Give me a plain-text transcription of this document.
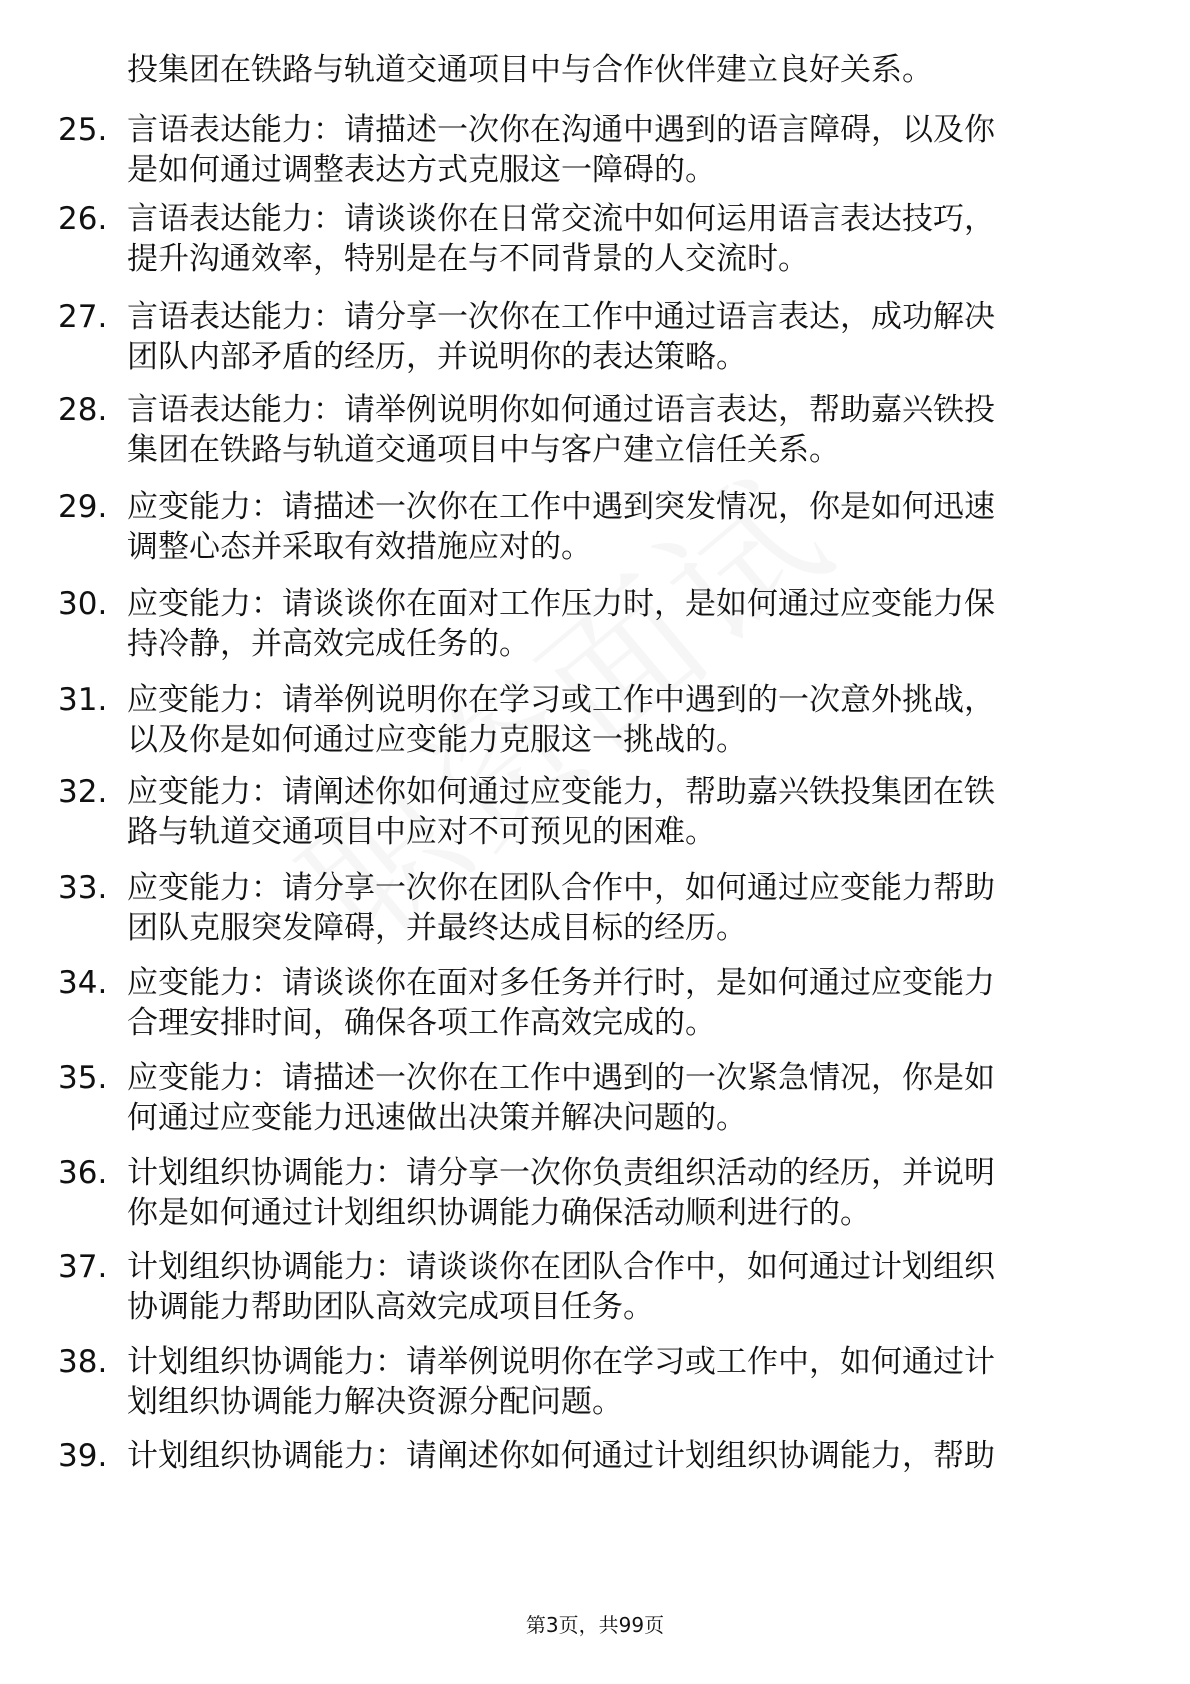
投集团在铁路与轨道交通项目中与合作伙伴建立良好关系。
25. 言语表达能力：请描述一次你在沟通中遇到的语言障碍，以及你
是如何通过调整表达方式克服这一障碍的。
26. 言语表达能力：请谈谈你在日常交流中如何运用语言表达技巧，
提升沟通效率，特别是在与不同背景的人交流时。
27. 言语表达能力：请分享一次你在工作中通过语言表达，成功解决
团队内部矛盾的经历，并说明你的表达策略。
28. 言语表达能力：请举例说明你如何通过语言表达，帮助嘉兴铁投
集团在铁路与轨道交通项目中与客户建立信任关系。
29. 应变能力：请描述一次你在工作中遇到突发情况，你是如何迅速
调整心态并采取有效措施应对的。
30. 应变能力：请谈谈你在面对工作压力时，是如何通过应变能力保
持冷静，并高效完成任务的。
31. 应变能力：请举例说明你在学习或工作中遇到的一次意外挑战，
以及你是如何通过应变能力克服这一挑战的。
32. 应变能力：请阐述你如何通过应变能力，帮助嘉兴铁投集团在铁
路与轨道交通项目中应对不可预见的困难。
33. 应变能力：请分享一次你在团队合作中，如何通过应变能力帮助
团队克服突发障碍，并最终达成目标的经历。
34. 应变能力：请谈谈你在面对多任务并行时，是如何通过应变能力
合理安排时间，确保各项工作高效完成的。
35. 应变能力：请描述一次你在工作中遇到的一次紧急情况，你是如
何通过应变能力迅速做出决策并解决问题的。
36. 计划组织协调能力：请分享一次你负责组织活动的经历，并说明
你是如何通过计划组织协调能力确保活动顺利进行的。
37. 计划组织协调能力：请谈谈你在团队合作中，如何通过计划组织
协调能力帮助团队高效完成项目任务。
38. 计划组织协调能力：请举例说明你在学习或工作中，如何通过计
划组织协调能力解决资源分配问题。
39. 计划组织协调能力：请阐述你如何通过计划组织协调能力，帮助
第3页，共99页
